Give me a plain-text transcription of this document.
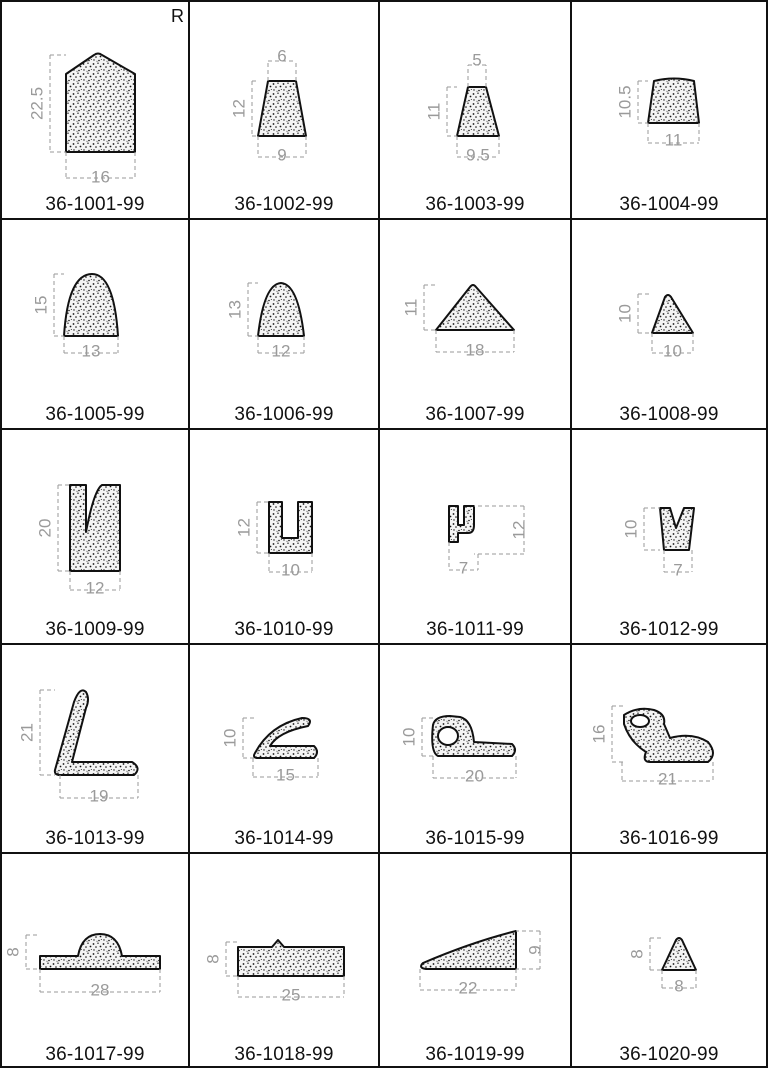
R
22.5
16
36-1001-99
6
12
9
36-1002-99
5
11
9.5
36-1003-99
10.5
11
36-1004-99
15
13
36-1005-99
13
12
36-1006-99
11
18
36-1007-99
10
10
36-1008-99
20
12
36-1009-99
12
10
36-1010-99
12
7
36-1011-99
10
7
36-1012-99
21
19
36-1013-99
10
15
36-1014-99
10
20
36-1015-99
16
21
36-1016-99
8
28
36-1017-99
8
25
36-1018-99
9
22
36-1019-99
8
8
36-1020-99
